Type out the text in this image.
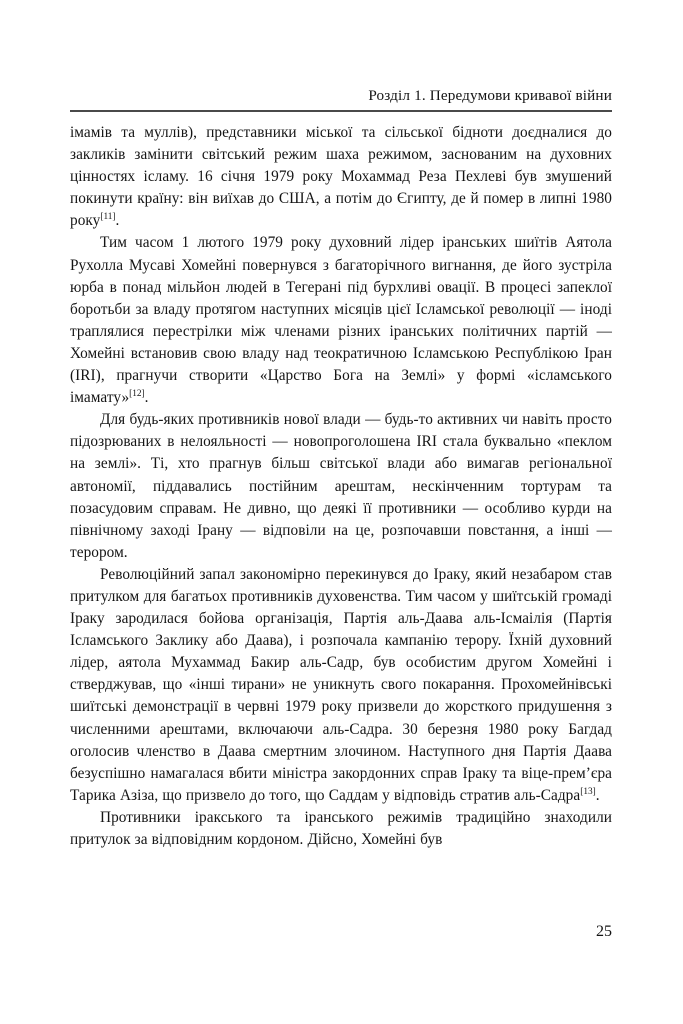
Розділ 1. Передумови кривавої війни

імамів та муллів), представники міської та сільської бідноти доєдналися до закликів замінити світський режим шаха режимом, заснованим на духовних цінностях ісламу. 16 січня 1979 року Мохаммад Реза Пехлеві був змушений покинути країну: він виїхав до США, а потім до Єгипту, де й помер в липні 1980 року[11].

Тим часом 1 лютого 1979 року духовний лідер іранських шиїтів Аятола Рухолла Мусаві Хомейні повернувся з багаторічного вигнання, де його зустріла юрба в понад мільйон людей в Тегерані під бурхливі овації. В процесі запеклої боротьби за владу протягом наступних місяців цієї Ісламської революції — іноді траплялися перестрілки між членами різних іранських політичних партій — Хомейні встановив свою владу над теократичною Ісламською Республікою Іран (IRI), прагнучи створити «Царство Бога на Землі» у формі «ісламського імамату»[12].

Для будь-яких противників нової влади — будь-то активних чи навіть просто підозрюваних в нелояльності — новопроголошена IRI стала буквально «пеклом на землі». Ті, хто прагнув більш світської влади або вимагав регіональної автономії, піддавались постійним арештам, нескінченним тортурам та позасудовим справам. Не дивно, що деякі її противники — особливо курди на північному заході Ірану — відповіли на це, розпочавши повстання, а інші — терором.

Революційний запал закономірно перекинувся до Іраку, який незабаром став притулком для багатьох противників духовенства. Тим часом у шиїтській громаді Іраку зародилася бойова організація, Партія аль-Даава аль-Ісмаілія (Партія Ісламського Заклику або Даава), і розпочала кампанію терору. Їхній духовний лідер, аятола Мухаммад Бакир аль-Садр, був особистим другом Хомейні і стверджував, що «інші тирани» не уникнуть свого покарання. Прохомейнівські шиїтські демонстрації в червні 1979 року призвели до жорсткого придушення з численними арештами, включаючи аль-Садра. 30 березня 1980 року Багдад оголосив членство в Даава смертним злочином. Наступного дня Партія Даава безуспішно намагалася вбити міністра закордонних справ Іраку та віце-прем’єра Тарика Азіза, що призвело до того, що Саддам у відповідь стратив аль-Садра[13].

Противники іракського та іранського режимів традиційно знаходили притулок за відповідним кордоном. Дійсно, Хомейні був

25
